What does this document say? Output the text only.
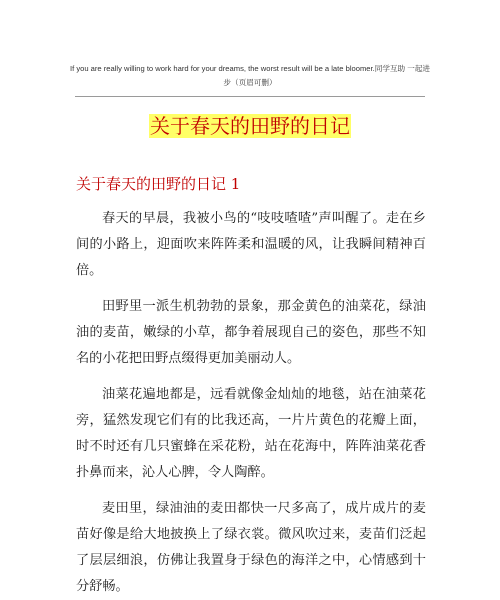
If you are really willing to work hard for your dreams, the worst result will be a late bloomer.同学互助 一起进步（页眉可删）
关于春天的田野的日记
关于春天的田野的日记 1

春天的早晨，我被小鸟的“吱吱喳喳”声叫醒了。走在乡间的小路上，迎面吹来阵阵柔和温暖的风，让我瞬间精神百倍。

田野里一派生机勃勃的景象，那金黄色的油菜花，绿油油的麦苗，嫩绿的小草，都争着展现自己的姿色，那些不知名的小花把田野点缀得更加美丽动人。

油菜花遍地都是，远看就像金灿灿的地毯，站在油菜花旁，猛然发现它们有的比我还高，一片片黄色的花瓣上面，时不时还有几只蜜蜂在采花粉，站在花海中，阵阵油菜花香扑鼻而来，沁人心脾，令人陶醉。

麦田里，绿油油的麦田都快一尺多高了，成片成片的麦苗好像是给大地披换上了绿衣裳。微风吹过来，麦苗们泛起了层层细浪，仿佛让我置身于绿色的海洋之中，心情感到十分舒畅。
